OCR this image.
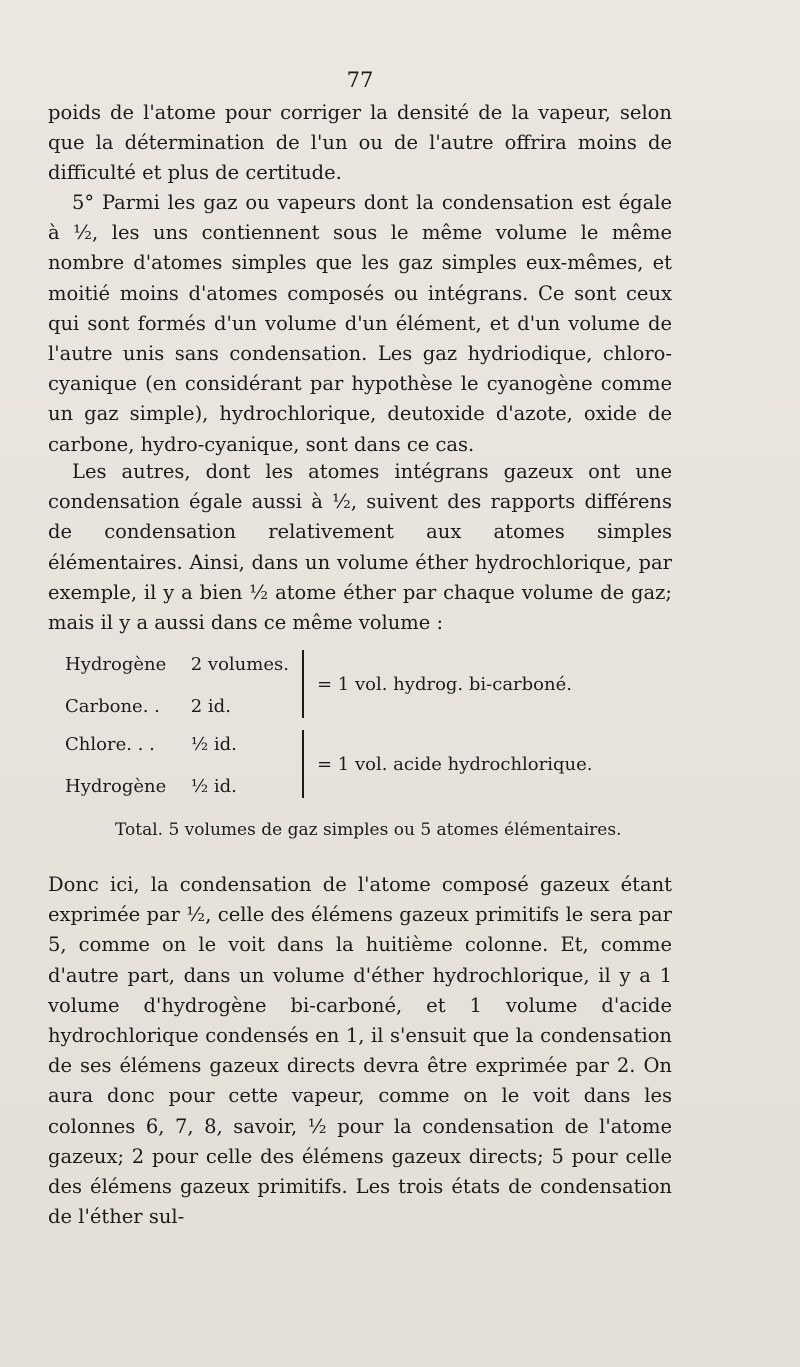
77

poids de l'atome pour corriger la densité de la vapeur, selon que la détermination de l'un ou de l'autre offrira moins de difficulté et plus de certitude.

5° Parmi les gaz ou vapeurs dont la condensation est égale à ½, les uns contiennent sous le même volume le même nombre d'atomes simples que les gaz simples eux-mêmes, et moitié moins d'atomes composés ou intégrans. Ce sont ceux qui sont formés d'un volume d'un élément, et d'un volume de l'autre unis sans condensation. Les gaz hydriodique, chloro-cyanique (en considérant par hypothèse le cyanogène comme un gaz simple), hydrochlorique, deutoxide d'azote, oxide de carbone, hydro-cyanique, sont dans ce cas.

Les autres, dont les atomes intégrans gazeux ont une condensation égale aussi à ½, suivent des rapports différens de condensation relativement aux atomes simples élémentaires. Ainsi, dans un volume éther hydrochlorique, par exemple, il y a bien ½ atome éther par chaque volume de gaz; mais il y a aussi dans ce même volume :

Hydrogène 2 volumes.
Carbone. . 2 id.
= 1 vol. hydrog. bi-carboné.
Chlore. . . ½ id.
Hydrogène ½ id.
= 1 vol. acide hydrochlorique.
Total. 5 volumes de gaz simples ou 5 atomes élémentaires.

Donc ici, la condensation de l'atome composé gazeux étant exprimée par ½, celle des élémens gazeux primitifs le sera par 5, comme on le voit dans la huitième colonne. Et, comme d'autre part, dans un volume d'éther hydrochlorique, il y a 1 volume d'hydrogène bi-carboné, et 1 volume d'acide hydrochlorique condensés en 1, il s'ensuit que la condensation de ses élémens gazeux directs devra être exprimée par 2. On aura donc pour cette vapeur, comme on le voit dans les colonnes 6, 7, 8, savoir, ½ pour la condensation de l'atome gazeux; 2 pour celle des élémens gazeux directs; 5 pour celle des élémens gazeux primitifs. Les trois états de condensation de l'éther sul-
